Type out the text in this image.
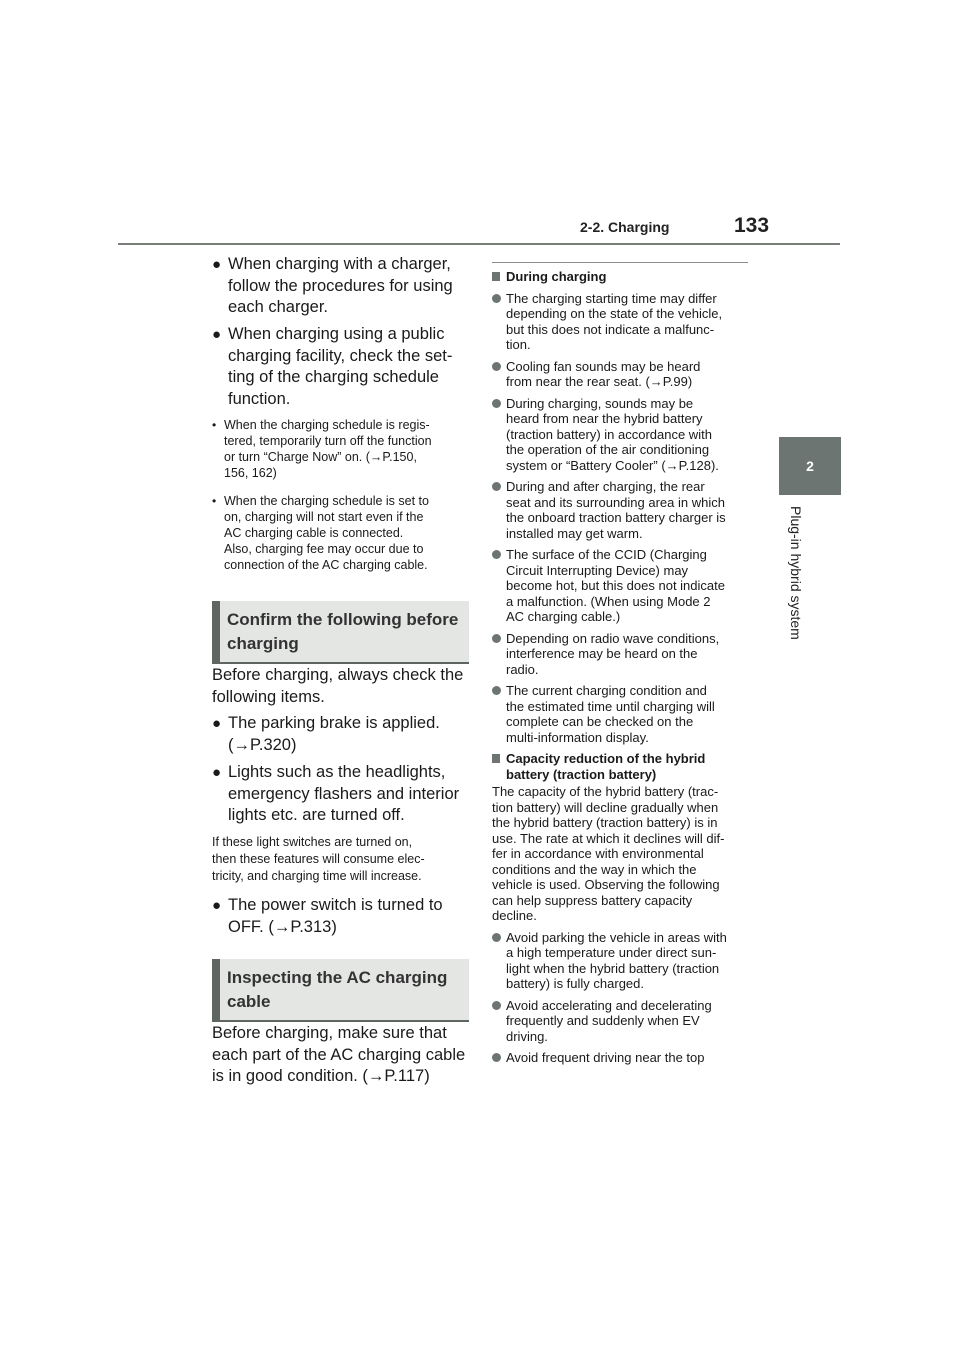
2-2. Charging	133
2
Plug-in hybrid system
● When charging with a charger,
follow the procedures for using
each charger.
● When charging using a public
charging facility, check the set-
ting of the charging schedule
function.
• When the charging schedule is regis-
tered, temporarily turn off the function
or turn “Charge Now” on. (→P.150,
156, 162)
• When the charging schedule is set to
on, charging will not start even if the
AC charging cable is connected.
Also, charging fee may occur due to
connection of the AC charging cable.
Confirm the following before
charging
Before charging, always check the
following items.
● The parking brake is applied.
(→P.320)
● Lights such as the headlights,
emergency flashers and interior
lights etc. are turned off.
If these light switches are turned on,
then these features will consume elec-
tricity, and charging time will increase.
● The power switch is turned to
OFF. (→P.313)
Inspecting the AC charging
cable
Before charging, make sure that
each part of the AC charging cable
is in good condition. (→P.117)
During charging
The charging starting time may differ
depending on the state of the vehicle,
but this does not indicate a malfunc-
tion.
Cooling fan sounds may be heard
from near the rear seat. (→P.99)
During charging, sounds may be
heard from near the hybrid battery
(traction battery) in accordance with
the operation of the air conditioning
system or “Battery Cooler” (→P.128).
During and after charging, the rear
seat and its surrounding area in which
the onboard traction battery charger is
installed may get warm.
The surface of the CCID (Charging
Circuit Interrupting Device) may
become hot, but this does not indicate
a malfunction. (When using Mode 2
AC charging cable.)
Depending on radio wave conditions,
interference may be heard on the
radio.
The current charging condition and
the estimated time until charging will
complete can be checked on the
multi-information display.
Capacity reduction of the hybrid
battery (traction battery)
The capacity of the hybrid battery (trac-
tion battery) will decline gradually when
the hybrid battery (traction battery) is in
use. The rate at which it declines will dif-
fer in accordance with environmental
conditions and the way in which the
vehicle is used. Observing the following
can help suppress battery capacity
decline.
Avoid parking the vehicle in areas with
a high temperature under direct sun-
light when the hybrid battery (traction
battery) is fully charged.
Avoid accelerating and decelerating
frequently and suddenly when EV
driving.
Avoid frequent driving near the top
